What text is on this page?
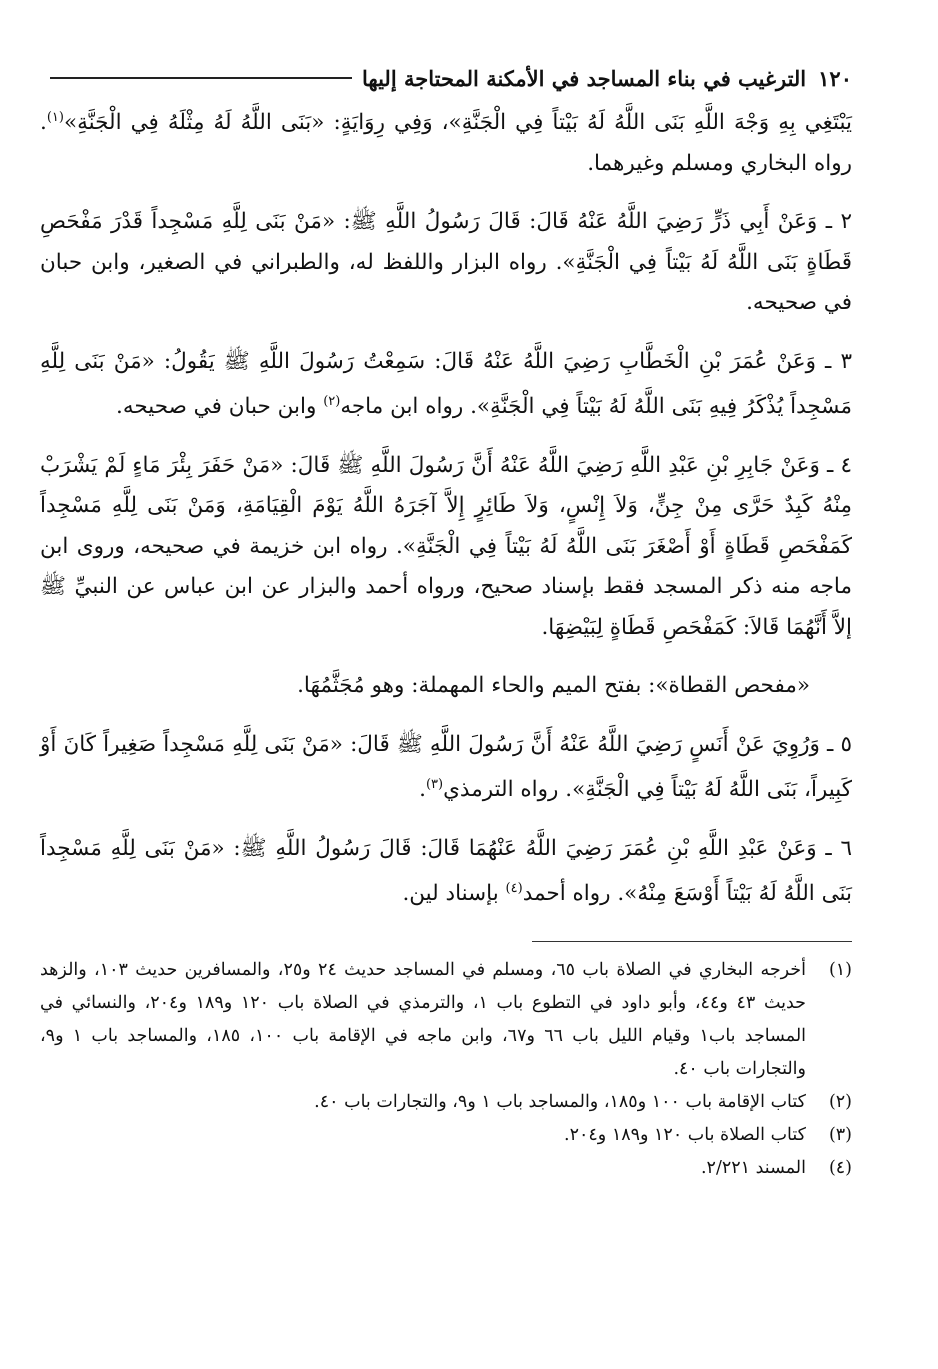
١٢٠
الترغيب في بناء المساجد في الأمكنة المحتاجة إليها

يَبْتَغِي بِهِ وَجْهَ اللَّهِ بَنَى اللَّهُ لَهُ بَيْتاً فِي الْجَنَّةِ»، وَفِي رِوَايَةٍ: «بَنَى اللَّهُ لَهُ مِثْلَهُ فِي الْجَنَّةِ»$^{(١)}$. رواه البخاري ومسلم وغيرهما.

٢ ـ وَعَنْ أَبِي ذَرٍّ رَضِيَ اللَّهُ عَنْهُ قَالَ: قَالَ رَسُولُ اللَّهِ ﷺ: «مَنْ بَنَى لِلَّهِ مَسْجِداً قَدْرَ مَفْحَصِ قَطَاةٍ بَنَى اللَّهُ لَهُ بَيْتاً فِي الْجَنَّةِ». رواه البزار واللفظ له، والطبراني في الصغير، وابن حبان في صحيحه.

٣ ـ وَعَنْ عُمَرَ بْنِ الْخَطَّابِ رَضِيَ اللَّهُ عَنْهُ قَالَ: سَمِعْتُ رَسُولَ اللَّهِ ﷺ يَقُولُ: «مَنْ بَنَى لِلَّهِ مَسْجِداً يُذْكَرُ فِيهِ بَنَى اللَّهُ لَهُ بَيْتاً فِي الْجَنَّةِ». رواه ابن ماجه$^{(٢)}$ وابن حبان في صحيحه.

٤ ـ وَعَنْ جَابِرِ بْنِ عَبْدِ اللَّهِ رَضِيَ اللَّهُ عَنْهُ أَنَّ رَسُولَ اللَّهِ ﷺ قَالَ: «مَنْ حَفَرَ بِئْرَ مَاءٍ لَمْ يَشْرَبْ مِنْهُ كَبِدٌ حَرَّى مِنْ جِنٍّ، وَلاَ إِنْسٍ، وَلاَ طَائِرٍ إِلاَّ آجَرَهُ اللَّهُ يَوْمَ الْقِيَامَةِ، وَمَنْ بَنَى لِلَّهِ مَسْجِداً كَمَفْحَصِ قَطَاةٍ أَوْ أَصْغَرَ بَنَى اللَّهُ لَهُ بَيْتاً فِي الْجَنَّةِ». رواه ابن خزيمة في صحيحه، وروى ابن ماجه منه ذكر المسجد فقط بإسناد صحيح، ورواه أحمد والبزار عن ابن عباس عن النبيِّ ﷺ إلاَّ أَنَّهُمَا قَالاَ: كَمَفْحَصِ قَطَاةٍ لِبَيْضِهَا.

«مفحص القطاة»: بفتح الميم والحاء المهملة: وهو مُجَثَّمُهَا.

٥ ـ وَرُوِيَ عَنْ أَنَسٍ رَضِيَ اللَّهُ عَنْهُ أَنَّ رَسُولَ اللَّهِ ﷺ قَالَ: «مَنْ بَنَى لِلَّهِ مَسْجِداً صَغِيراً كَانَ أَوْ كَبِيراً، بَنَى اللَّهُ لَهُ بَيْتاً فِي الْجَنَّةِ». رواه الترمذي$^{(٣)}$.

٦ ـ وَعَنْ عَبْدِ اللَّهِ بْنِ عُمَرَ رَضِيَ اللَّهُ عَنْهُمَا قَالَ: قَالَ رَسُولُ اللَّهِ ﷺ: «مَنْ بَنَى لِلَّهِ مَسْجِداً بَنَى اللَّهُ لَهُ بَيْتاً أَوْسَعَ مِنْهُ». رواه أحمد$^{(٤)}$ بإسناد لين.

(١)
أخرجه البخاري في الصلاة باب ٦٥، ومسلم في المساجد حديث ٢٤ و٢٥، والمسافرين حديث ١٠٣، والزهد حديث ٤٣ و٤٤، وأبو داود في التطوع باب ١، والترمذي في الصلاة باب ١٢٠ و١٨٩ و٢٠٤، والنسائي في المساجد باب١ وقيام الليل باب ٦٦ و٦٧، وابن ماجه في الإقامة باب ١٠٠، ١٨٥، والمساجد باب ١ و٩، والتجارات باب ٤٠.
(٢)
كتاب الإقامة باب ١٠٠ و١٨٥، والمساجد باب ١ و٩، والتجارات باب ٤٠.
(٣)
كتاب الصلاة باب ١٢٠ و١٨٩ و٢٠٤.
(٤)
المسند ٢/٢٢١.
